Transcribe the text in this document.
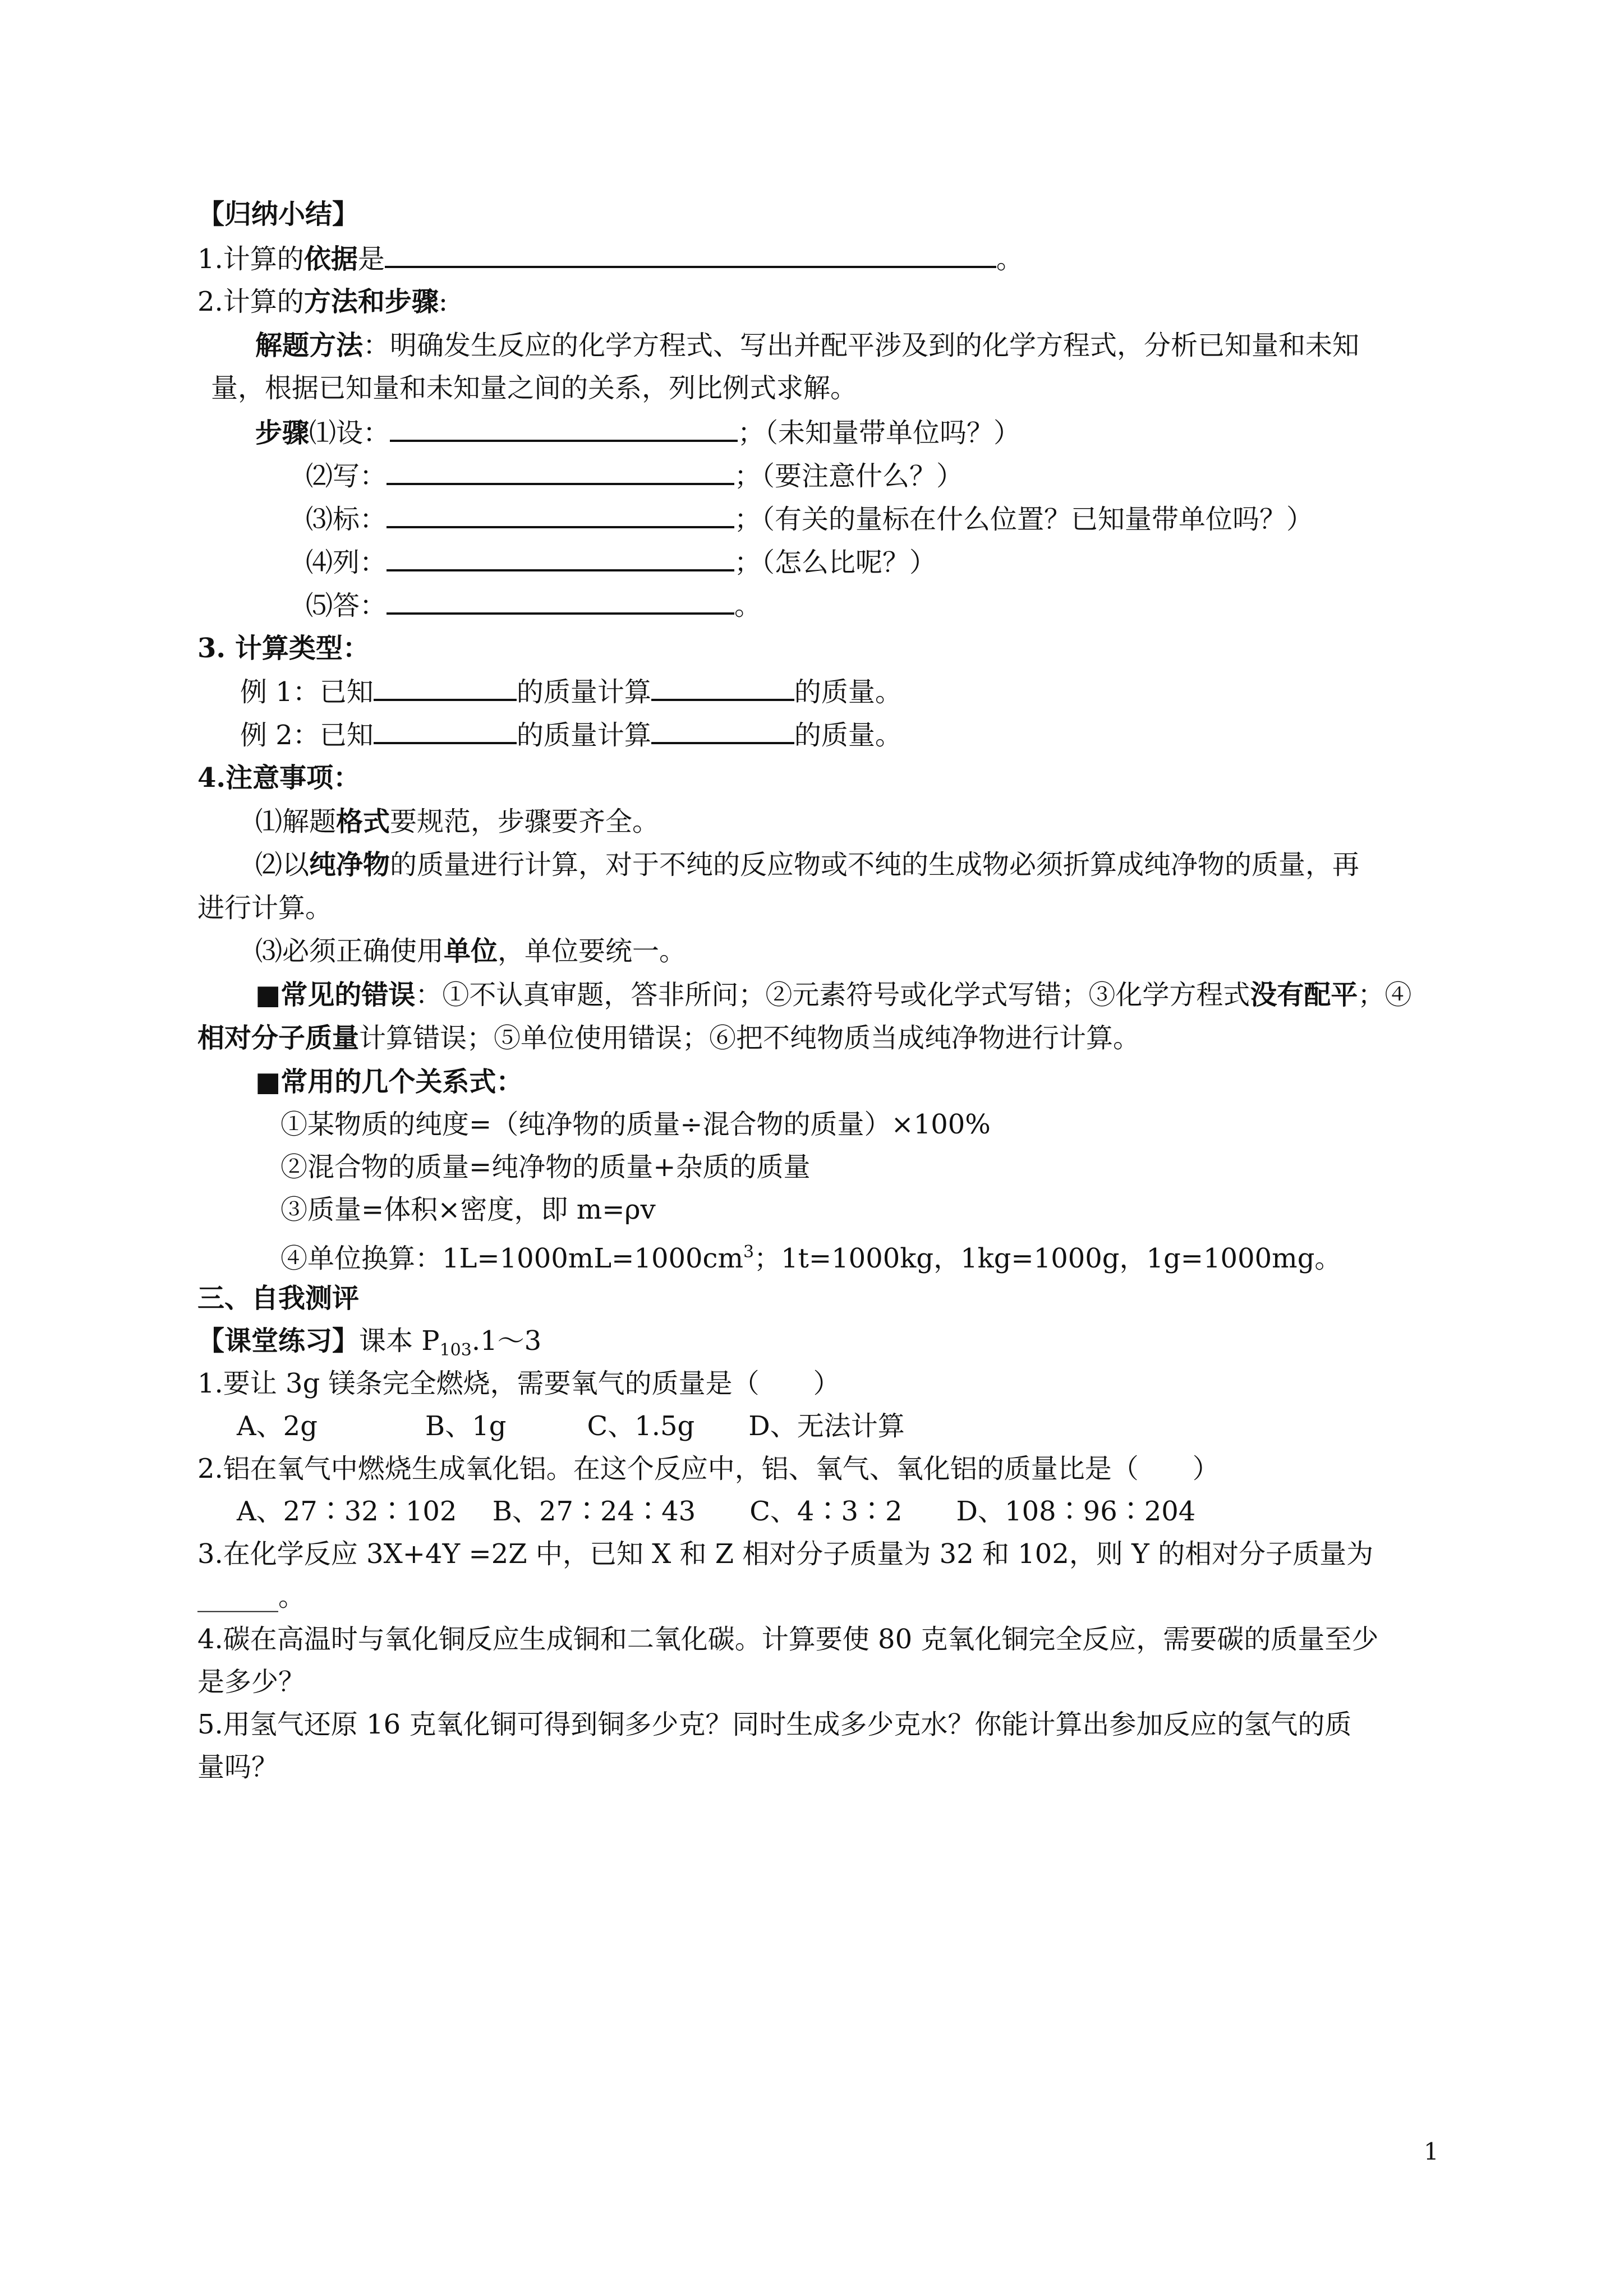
【归纳小结】
1.计算的依据是	。
2.计算的方法和步骤:
解题方法：明确发生反应的化学方程式、写出并配平涉及到的化学方程式，分析已知量和未知
量，根据已知量和未知量之间的关系，列比例式求解。
步骤⑴设：	；（未知量带单位吗？）
⑵写：	；（要注意什么？）
⑶标：	；（有关的量标在什么位置？已知量带单位吗？）
⑷列：	；（怎么比呢？）
⑸答：	。
3. 计算类型：
例 1：已知	的质量计算	的质量。
例 2：已知	的质量计算	的质量。
4.注意事项：
⑴解题格式要规范，步骤要齐全。
⑵以纯净物的质量进行计算，对于不纯的反应物或不纯的生成物必须折算成纯净物的质量，再
进行计算。
⑶必须正确使用单位，单位要统一。
■常见的错误：①不认真审题，答非所问；②元素符号或化学式写错；③化学方程式没有配平；④
相对分子质量计算错误；⑤单位使用错误；⑥把不纯物质当成纯净物进行计算。
■常用的几个关系式：
①某物质的纯度=（纯净物的质量÷混合物的质量）×100%
②混合物的质量=纯净物的质量+杂质的质量
③质量=体积×密度，即 m=ρv
④单位换算：$1L=1000mL=1000cm^3$；1t=1000kg，1kg=1000g，1g=1000mg。
三、自我测评
【课堂练习】课本 $P_{103}.1\sim 3$
1.要让 3g 镁条完全燃烧，需要氧气的质量是（　　）
A、2g　　　　B、1g　　　C、1.5g　　D、无法计算
2.铝在氧气中燃烧生成氧化铝。在这个反应中，铝、氧气、氧化铝的质量比是（　　）
A、27∶32∶102　 B、27∶24∶43　　C、4∶3∶2　　D、108∶96∶204
3.在化学反应 3X+4Y =2Z 中，已知 X 和 Z 相对分子质量为 32 和 102，则 Y 的相对分子质量为
______。
4.碳在高温时与氧化铜反应生成铜和二氧化碳。计算要使 80 克氧化铜完全反应，需要碳的质量至少
是多少？
5.用氢气还原 16 克氧化铜可得到铜多少克？同时生成多少克水？你能计算出参加反应的氢气的质
量吗？
1
